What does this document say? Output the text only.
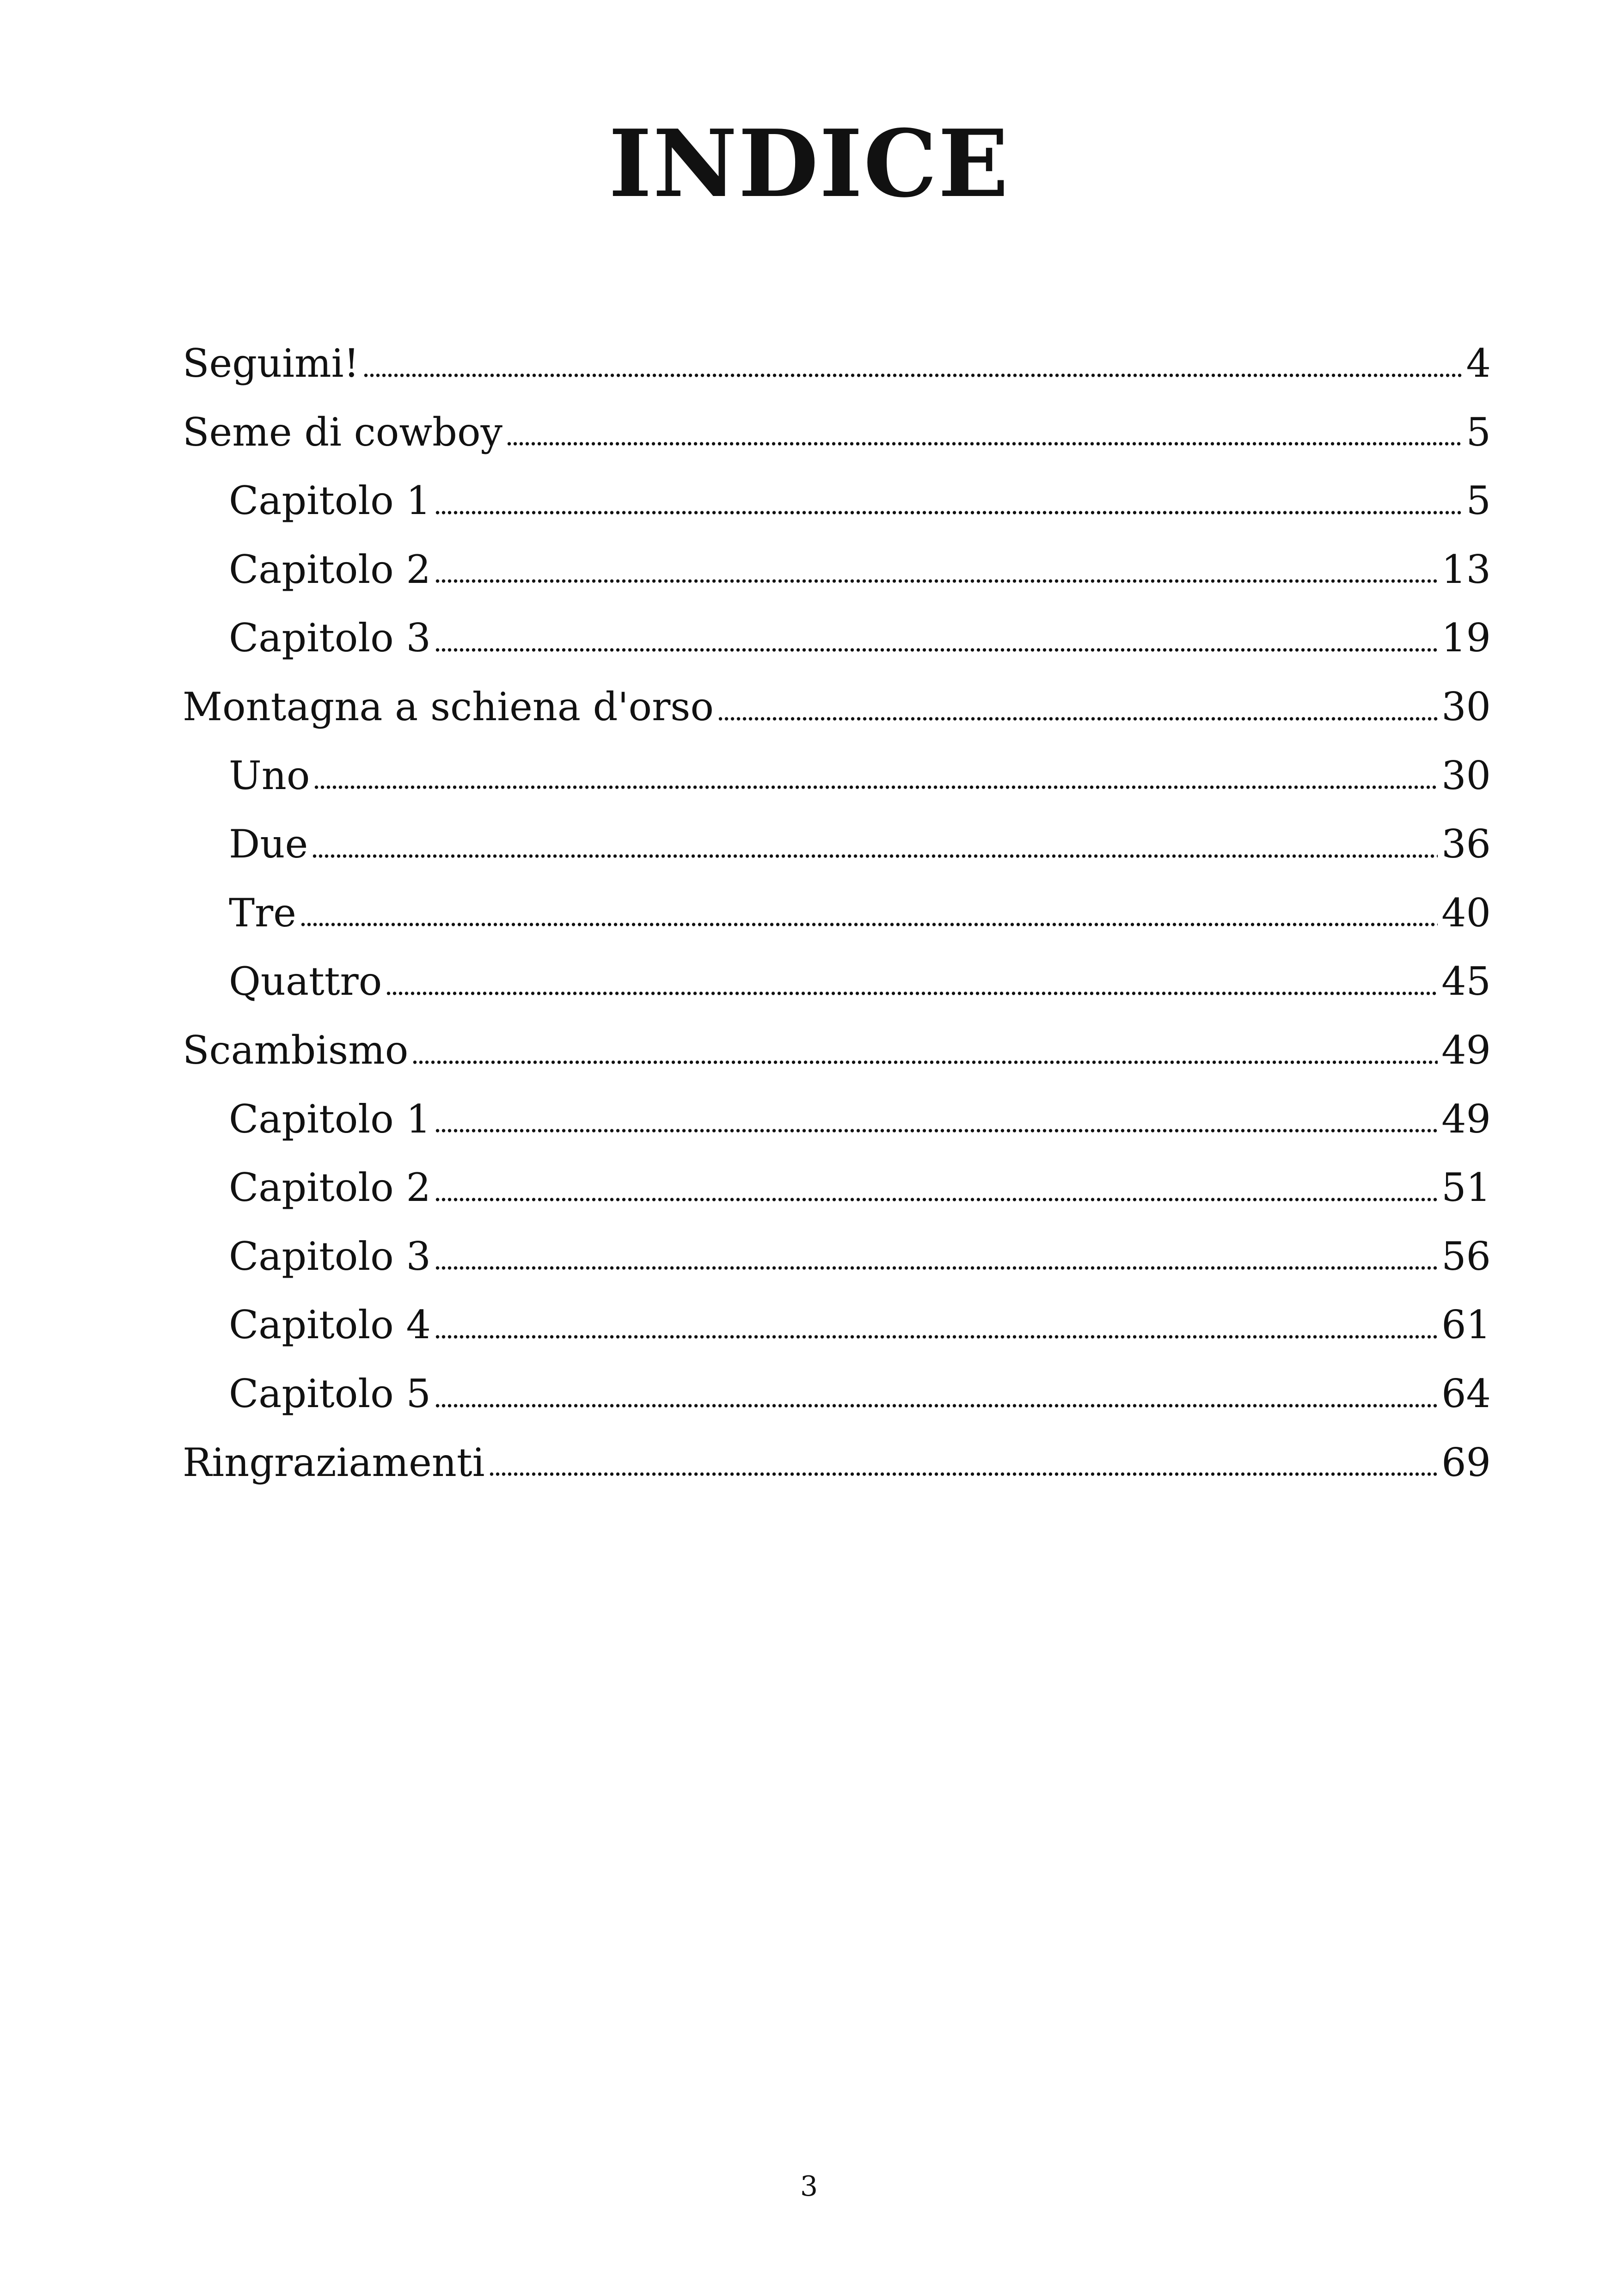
INDICE
Seguimi!	4
Seme di cowboy	5
Capitolo 1	5
Capitolo 2	13
Capitolo 3	19
Montagna a schiena d'orso	30
Uno	30
Due	36
Tre	40
Quattro	45
Scambismo	49
Capitolo 1	49
Capitolo 2	51
Capitolo 3	56
Capitolo 4	61
Capitolo 5	64
Ringraziamenti	69
3
